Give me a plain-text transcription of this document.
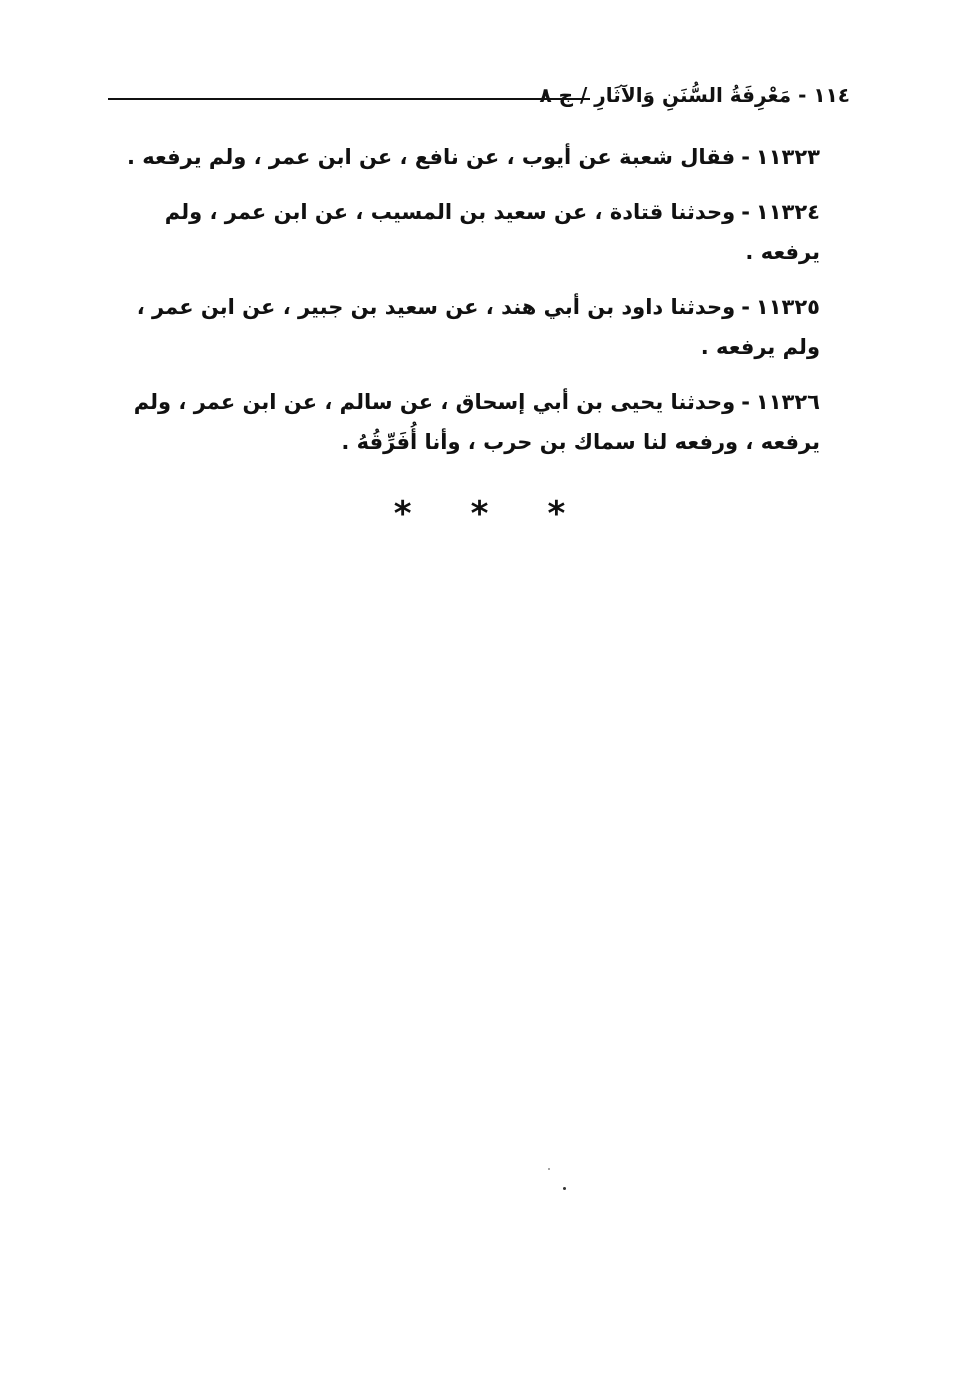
١١٤ - مَعْرِفَةُ السُّنَنِ وَالآثَارِ / ج ٨

١١٣٢٣-فقال شعبة عن أيوب ، عن نافع ، عن ابن عمر ، ولم يرفعه .

١١٣٢٤-وحدثنا قتادة ، عن سعيد بن المسيب ، عن ابن عمر ، ولم يرفعه .

١١٣٢٥-وحدثنا داود بن أبي هند ، عن سعيد بن جبير ، عن ابن عمر ، ولم يرفعه .

١١٣٢٦-وحدثنا يحيى بن أبي إسحاق ، عن سالم ، عن ابن عمر ، ولم يرفعه ، ورفعه لنا سماك بن حرب ، وأنا أُفَرِّقُهُ .

* * *
